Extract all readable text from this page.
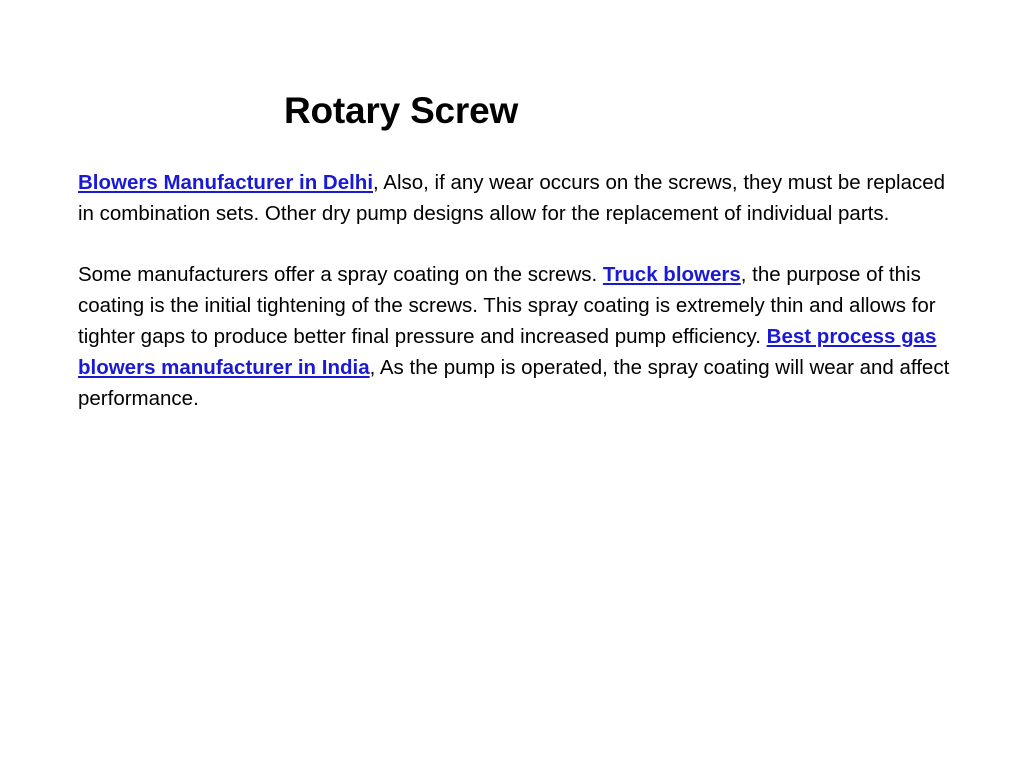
Rotary Screw

Blowers Manufacturer in Delhi, Also, if any wear occurs on the screws, they must be replaced in combination sets. Other dry pump designs allow for the replacement of individual parts.

Some manufacturers offer a spray coating on the screws. Truck blowers, the purpose of this coating is the initial tightening of the screws. This spray coating is extremely thin and allows for tighter gaps to produce better final pressure and increased pump efficiency. Best process gas blowers manufacturer in India, As the pump is operated, the spray coating will wear and affect performance.
